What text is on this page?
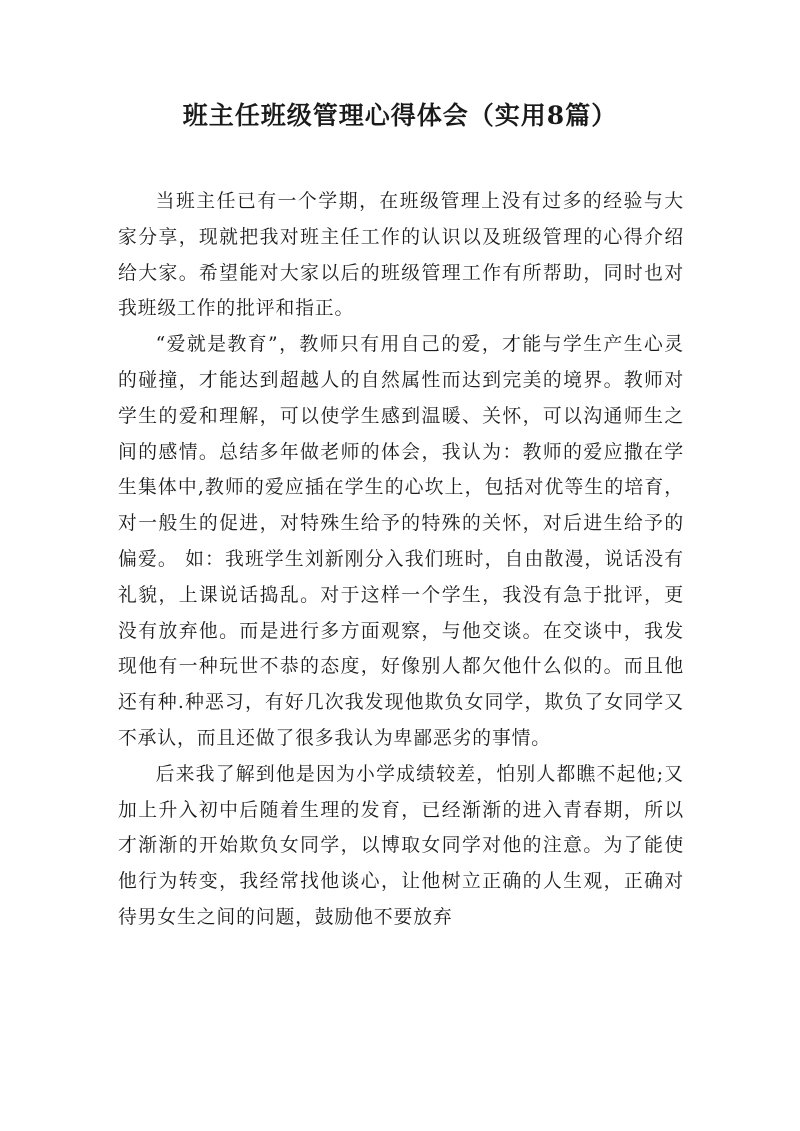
班主任班级管理心得体会（实用8篇）

当班主任已有一个学期，在班级管理上没有过多的经验与大家分享，现就把我对班主任工作的认识以及班级管理的心得介绍给大家。希望能对大家以后的班级管理工作有所帮助，同时也对我班级工作的批评和指正。

“爱就是教育”，教师只有用自己的爱，才能与学生产生心灵的碰撞，才能达到超越人的自然属性而达到完美的境界。教师对学生的爱和理解，可以使学生感到温暖、关怀，可以沟通师生之间的感情。总结多年做老师的体会，我认为：教师的爱应撒在学生集体中,教师的爱应插在学生的心坎上，包括对优等生的培育，对一般生的促进，对特殊生给予的特殊的关怀，对后进生给予的偏爱。 如：我班学生刘新刚分入我们班时，自由散漫，说话没有礼貌，上课说话捣乱。对于这样一个学生，我没有急于批评，更没有放弃他。而是进行多方面观察，与他交谈。在交谈中，我发现他有一种玩世不恭的态度，好像别人都欠他什么似的。而且他还有种.种恶习，有好几次我发现他欺负女同学，欺负了女同学又不承认，而且还做了很多我认为卑鄙恶劣的事情。

后来我了解到他是因为小学成绩较差，怕别人都瞧不起他;又加上升入初中后随着生理的发育，已经渐渐的进入青春期，所以才渐渐的开始欺负女同学，以博取女同学对他的注意。为了能使他行为转变，我经常找他谈心，让他树立正确的人生观，正确对待男女生之间的问题，鼓励他不要放弃
